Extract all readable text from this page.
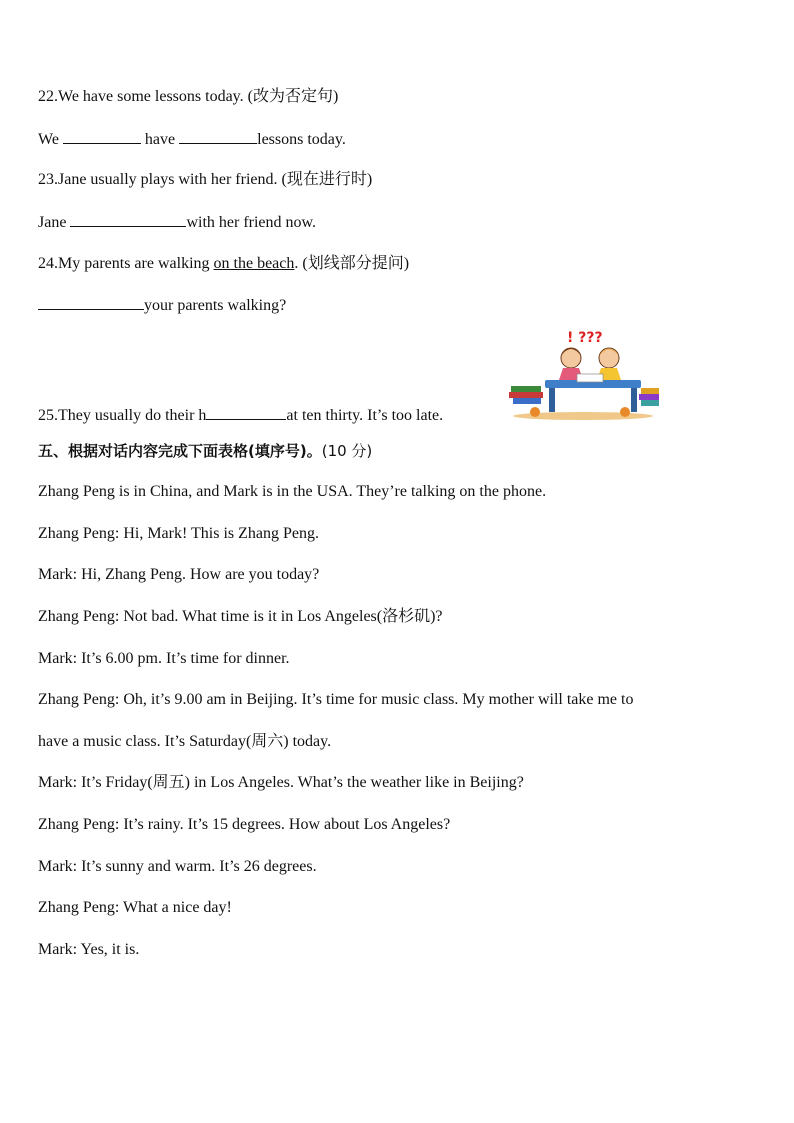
22.We have some lessons today. (改为否定句)
We	have	lessons today.
23.Jane usually plays with her friend. (现在进行时)
Jane	with her friend now.
24.My parents are walking on the beach. (划线部分提问)
your parents walking?
! ???
25.They usually do their h	at ten thirty. It’s too late.
五、根据对话内容完成下面表格(填序号)。(10 分)
Zhang Peng is in China, and Mark is in the USA. They’re talking on the phone.
Zhang Peng: Hi, Mark! This is Zhang Peng.
Mark: Hi, Zhang Peng. How are you today?
Zhang Peng: Not bad. What time is it in Los Angeles(洛杉矶)?
Mark: It’s 6.00 pm. It’s time for dinner.
Zhang Peng: Oh, it’s 9.00 am in Beijing. It’s time for music class. My mother will take me to
have a music class. It’s Saturday(周六) today.
Mark: It’s Friday(周五) in Los Angeles. What’s the weather like in Beijing?
Zhang Peng: It’s rainy. It’s 15 degrees. How about Los Angeles?
Mark: It’s sunny and warm. It’s 26 degrees.
Zhang Peng: What a nice day!
Mark: Yes, it is.
